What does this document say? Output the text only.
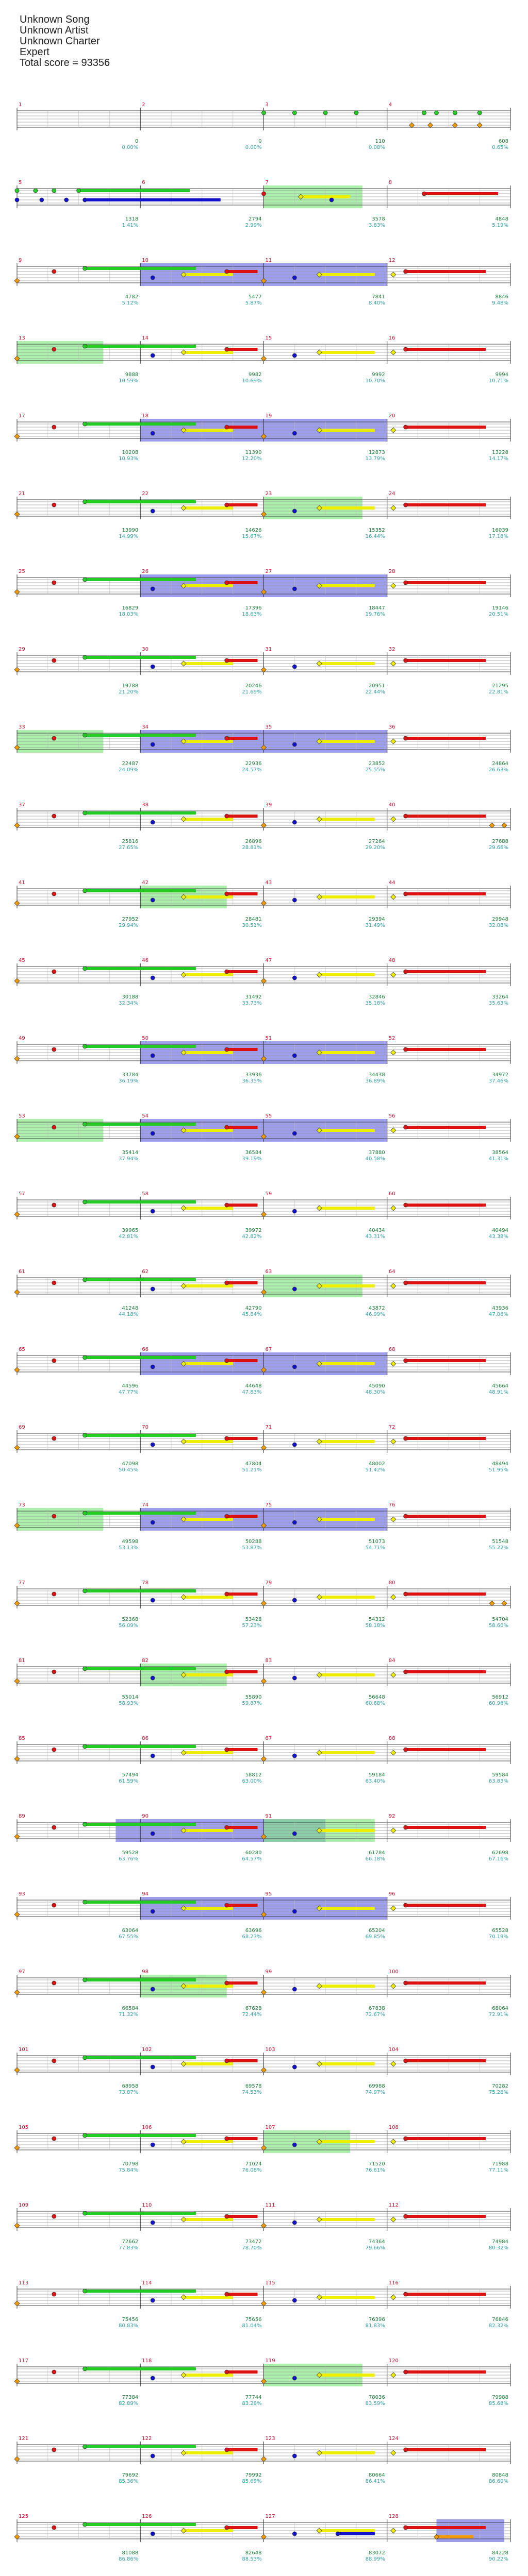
Unknown Song
Unknown Artist
Unknown Charter
Expert
Total score = 93356
1
0
0.00%
2
0
0.00%
3
110
0.08%
4
608
0.65%
5
1318
1.41%
6
2794
2.99%
7
3578
3.83%
8
4848
5.19%
9
4782
5.12%
10
5477
5.87%
11
7841
8.40%
12
8846
9.48%
13
9888
10.59%
14
9982
10.69%
15
9992
10.70%
16
9994
10.71%
17
10208
10.93%
18
11390
12.20%
19
12873
13.79%
20
13228
14.17%
21
13990
14.99%
22
14626
15.67%
23
15352
16.44%
24
16039
17.18%
25
16829
18.03%
26
17396
18.63%
27
18447
19.76%
28
19146
20.51%
29
19788
21.20%
30
20246
21.69%
31
20951
22.44%
32
21295
22.81%
33
22487
24.09%
34
22936
24.57%
35
23852
25.55%
36
24864
26.63%
37
25816
27.65%
38
26896
28.81%
39
27264
29.20%
40
27688
29.66%
41
27952
29.94%
42
28481
30.51%
43
29394
31.49%
44
29948
32.08%
45
30188
32.34%
46
31492
33.73%
47
32846
35.18%
48
33264
35.63%
49
33784
36.19%
50
33936
36.35%
51
34438
36.89%
52
34972
37.46%
53
35414
37.94%
54
36584
39.19%
55
37880
40.58%
56
38564
41.31%
57
39965
42.81%
58
39972
42.82%
59
40434
43.31%
60
40494
43.38%
61
41248
44.18%
62
42790
45.84%
63
43872
46.99%
64
43936
47.06%
65
44596
47.77%
66
44648
47.83%
67
45090
48.30%
68
45664
48.91%
69
47098
50.45%
70
47804
51.21%
71
48002
51.42%
72
48494
51.95%
73
49598
53.13%
74
50288
53.87%
75
51073
54.71%
76
51548
55.22%
77
52368
56.09%
78
53428
57.23%
79
54312
58.18%
80
54704
58.60%
81
55014
58.93%
82
55890
59.87%
83
56648
60.68%
84
56912
60.96%
85
57494
61.59%
86
58812
63.00%
87
59184
63.40%
88
59584
63.83%
89
59528
63.76%
90
60280
64.57%
91
61784
66.18%
92
62698
67.16%
93
63064
67.55%
94
63696
68.23%
95
65204
69.85%
96
65528
70.19%
97
66584
71.32%
98
67628
72.44%
99
67838
72.67%
100
68064
72.91%
101
68958
73.87%
102
69578
74.53%
103
69988
74.97%
104
70282
75.28%
105
70798
75.84%
106
71024
76.08%
107
71520
76.61%
108
71988
77.11%
109
72662
77.83%
110
73472
78.70%
111
74364
79.66%
112
74984
80.32%
113
75456
80.83%
114
75656
81.04%
115
76396
81.83%
116
76846
82.32%
117
77384
82.89%
118
77744
83.28%
119
78036
83.59%
120
79988
85.68%
121
79692
85.36%
122
79992
85.69%
123
80664
86.41%
124
80848
86.60%
125
81088
86.86%
126
82648
88.53%
127
83072
88.99%
128
84228
90.22%
